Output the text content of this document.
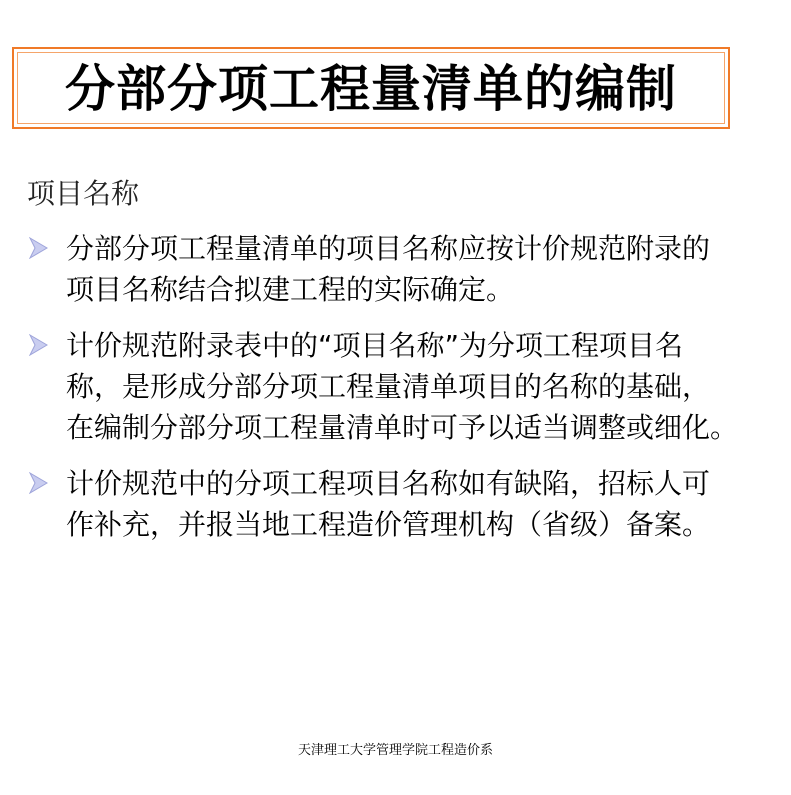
分部分项工程量清单的编制
项目名称
分部分项工程量清单的项目名称应按计价规范附录的
项目名称结合拟建工程的实际确定。
计价规范附录表中的“项目名称”为分项工程项目名
称，是形成分部分项工程量清单项目的名称的基础，
在编制分部分项工程量清单时可予以适当调整或细化。
计价规范中的分项工程项目名称如有缺陷，招标人可
作补充，并报当地工程造价管理机构（省级）备案。
天津理工大学管理学院工程造价系
